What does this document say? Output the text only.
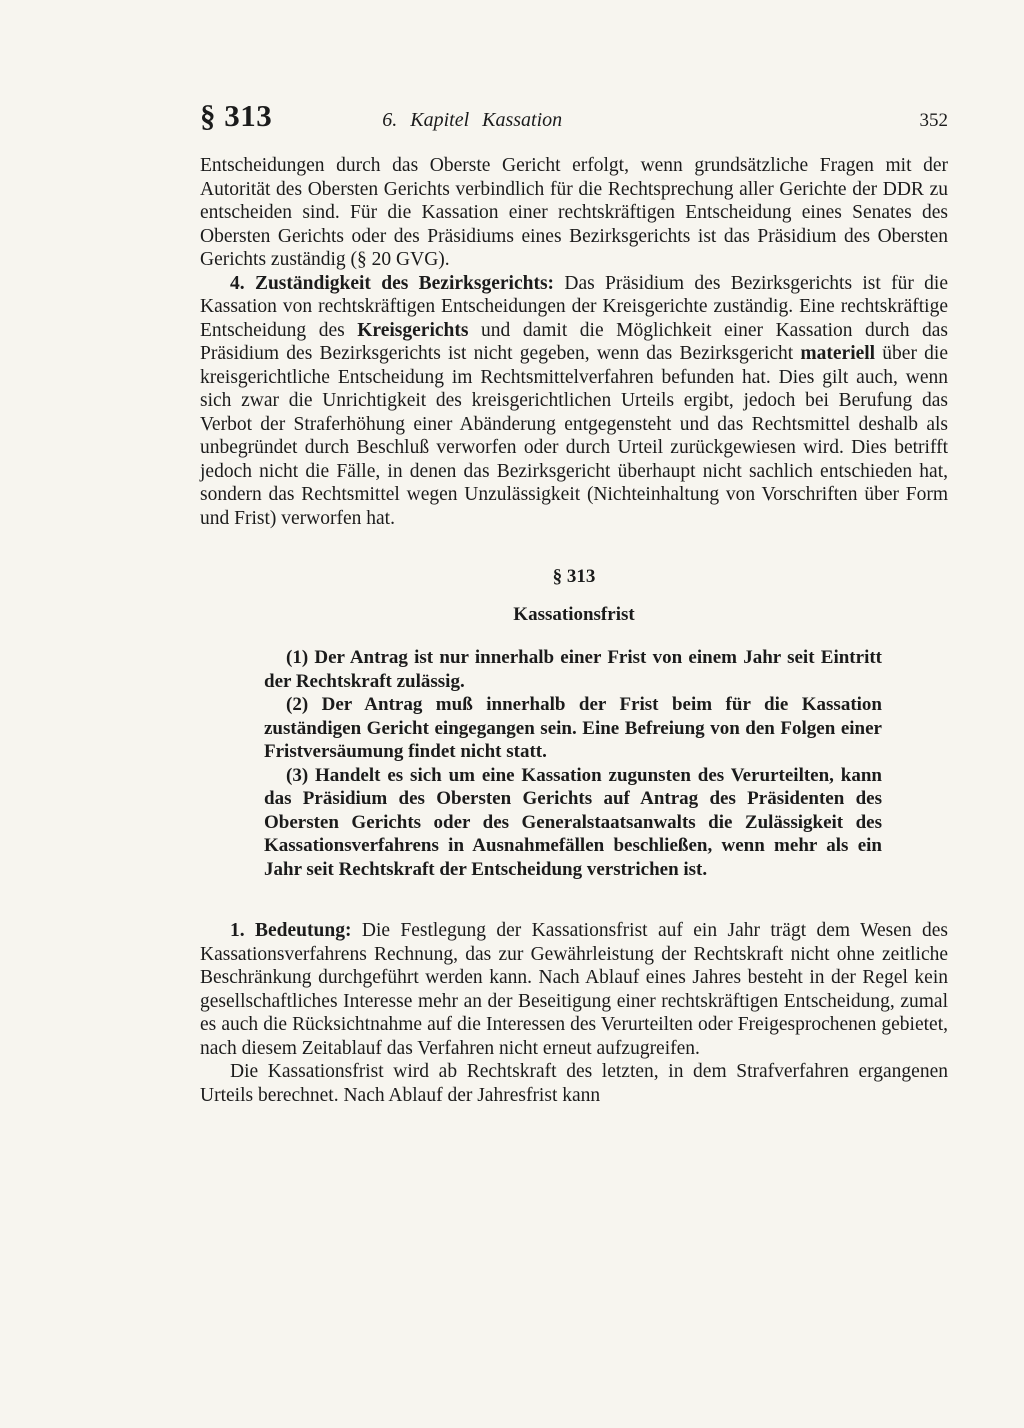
§ 313	6. Kapitel Kassation	352

Entscheidungen durch das Oberste Gericht erfolgt, wenn grundsätzliche Fragen mit der Autorität des Obersten Gerichts verbindlich für die Rechtsprechung aller Gerichte der DDR zu entscheiden sind. Für die Kassation einer rechtskräftigen Entscheidung eines Senates des Obersten Gerichts oder des Präsidiums eines Bezirksgerichts ist das Präsidium des Obersten Gerichts zuständig (§ 20 GVG).

4. Zuständigkeit des Bezirksgerichts: Das Präsidium des Bezirksgerichts ist für die Kassation von rechtskräftigen Entscheidungen der Kreisgerichte zuständig. Eine rechtskräftige Entscheidung des Kreisgerichts und damit die Möglichkeit einer Kassation durch das Präsidium des Bezirksgerichts ist nicht gegeben, wenn das Bezirksgericht materiell über die kreisgerichtliche Entscheidung im Rechtsmittelverfahren befunden hat. Dies gilt auch, wenn sich zwar die Unrichtigkeit des kreisgerichtlichen Urteils ergibt, jedoch bei Berufung das Verbot der Straferhöhung einer Abänderung entgegensteht und das Rechtsmittel deshalb als unbegründet durch Beschluß verworfen oder durch Urteil zurückgewiesen wird. Dies betrifft jedoch nicht die Fälle, in denen das Bezirksgericht überhaupt nicht sachlich entschieden hat, sondern das Rechtsmittel wegen Unzulässigkeit (Nichteinhaltung von Vorschriften über Form und Frist) verworfen hat.

§ 313

Kassationsfrist

(1) Der Antrag ist nur innerhalb einer Frist von einem Jahr seit Eintritt der Rechtskraft zulässig.

(2) Der Antrag muß innerhalb der Frist beim für die Kassation zuständigen Gericht eingegangen sein. Eine Befreiung von den Folgen einer Fristversäumung findet nicht statt.

(3) Handelt es sich um eine Kassation zugunsten des Verurteilten, kann das Präsidium des Obersten Gerichts auf Antrag des Präsidenten des Obersten Gerichts oder des Generalstaatsanwalts die Zulässigkeit des Kassationsverfahrens in Ausnahmefällen beschließen, wenn mehr als ein Jahr seit Rechtskraft der Entscheidung verstrichen ist.

1. Bedeutung: Die Festlegung der Kassationsfrist auf ein Jahr trägt dem Wesen des Kassationsverfahrens Rechnung, das zur Gewährleistung der Rechtskraft nicht ohne zeitliche Beschränkung durchgeführt werden kann. Nach Ablauf eines Jahres besteht in der Regel kein gesellschaftliches Interesse mehr an der Beseitigung einer rechtskräftigen Entscheidung, zumal es auch die Rücksichtnahme auf die Interessen des Verurteilten oder Freigesprochenen gebietet, nach diesem Zeitablauf das Verfahren nicht erneut aufzugreifen.

Die Kassationsfrist wird ab Rechtskraft des letzten, in dem Strafverfahren ergangenen Urteils berechnet. Nach Ablauf der Jahresfrist kann
